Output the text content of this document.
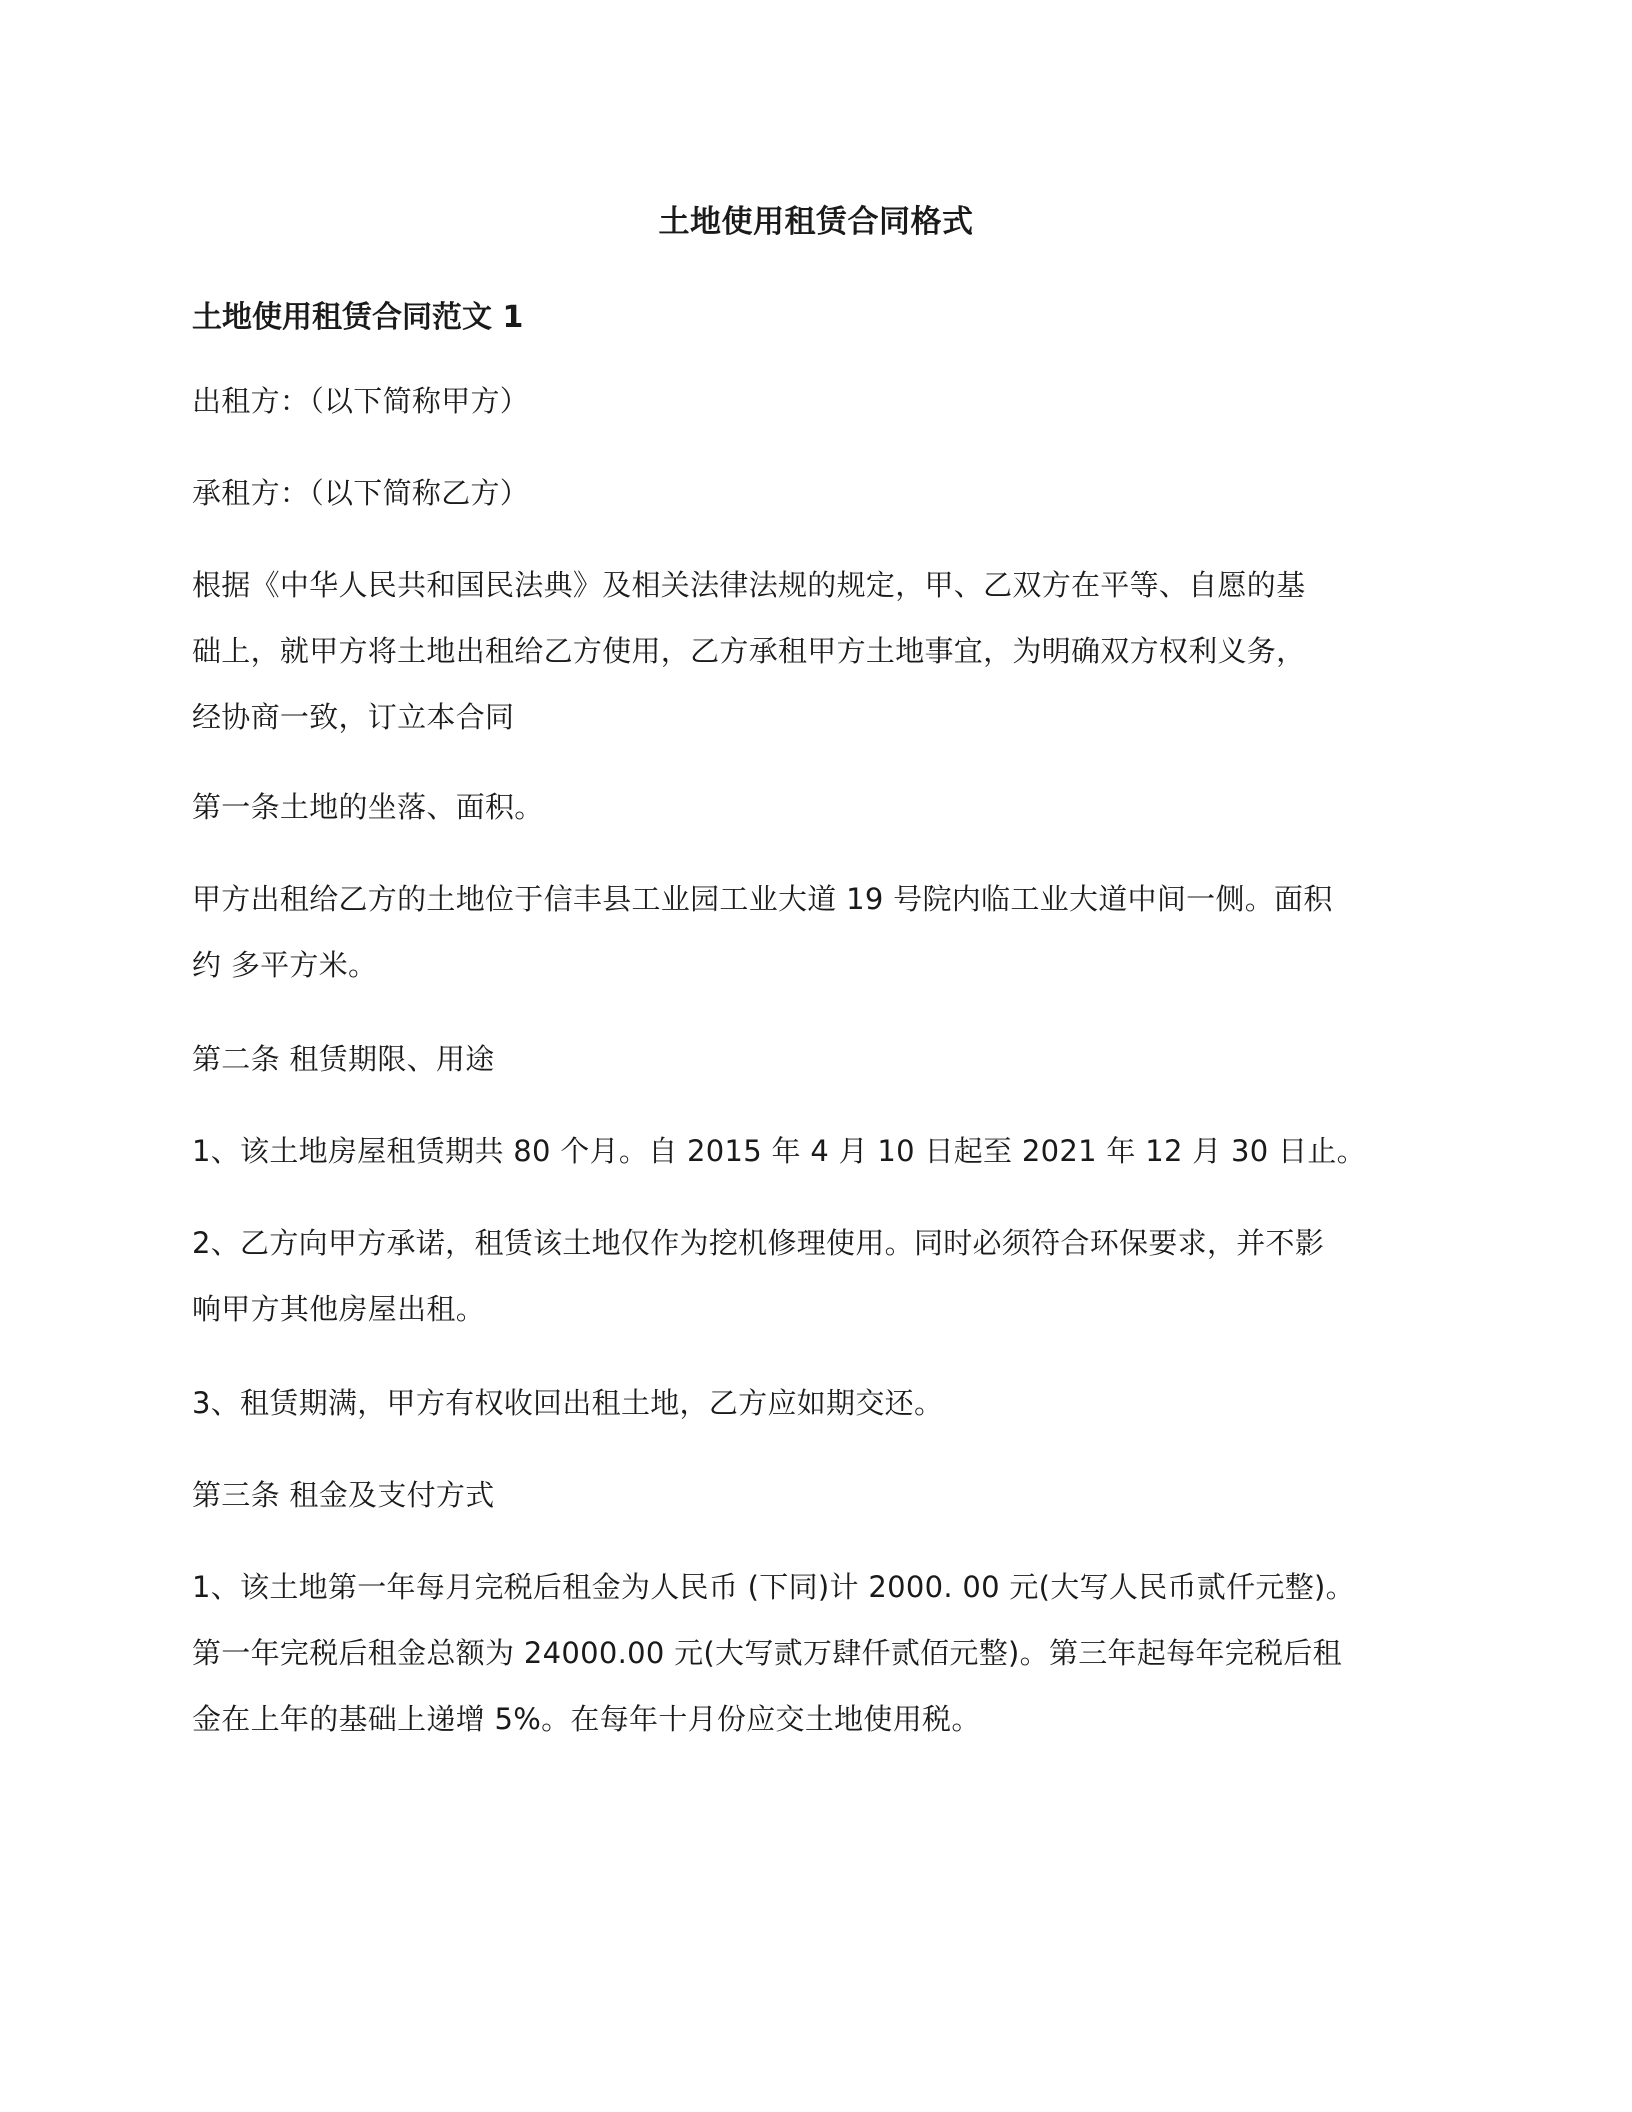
土地使用租赁合同格式
土地使用租赁合同范文 1

出租方：（以下简称甲方）

承租方：（以下简称乙方）

根据《中华人民共和国民法典》及相关法律法规的规定，甲、乙双方在平等、自愿的基
础上，就甲方将土地出租给乙方使用，乙方承租甲方土地事宜，为明确双方权利义务，
经协商一致，订立本合同

第一条土地的坐落、面积。

甲方出租给乙方的土地位于信丰县工业园工业大道 19 号院内临工业大道中间一侧。面积
约 多平方米。

第二条 租赁期限、用途

1、该土地房屋租赁期共 80 个月。自 2015 年 4 月 10 日起至 2021 年 12 月 30 日止。

2、乙方向甲方承诺，租赁该土地仅作为挖机修理使用。同时必须符合环保要求，并不影
响甲方其他房屋出租。

3、租赁期满，甲方有权收回出租土地，乙方应如期交还。

第三条 租金及支付方式

1、该土地第一年每月完税后租金为人民币 (下同)计 2000. 00 元(大写人民币贰仟元整)。
第一年完税后租金总额为 24000.00 元(大写贰万肆仟贰佰元整)。第三年起每年完税后租
金在上年的基础上递增 5%。在每年十月份应交土地使用税。
